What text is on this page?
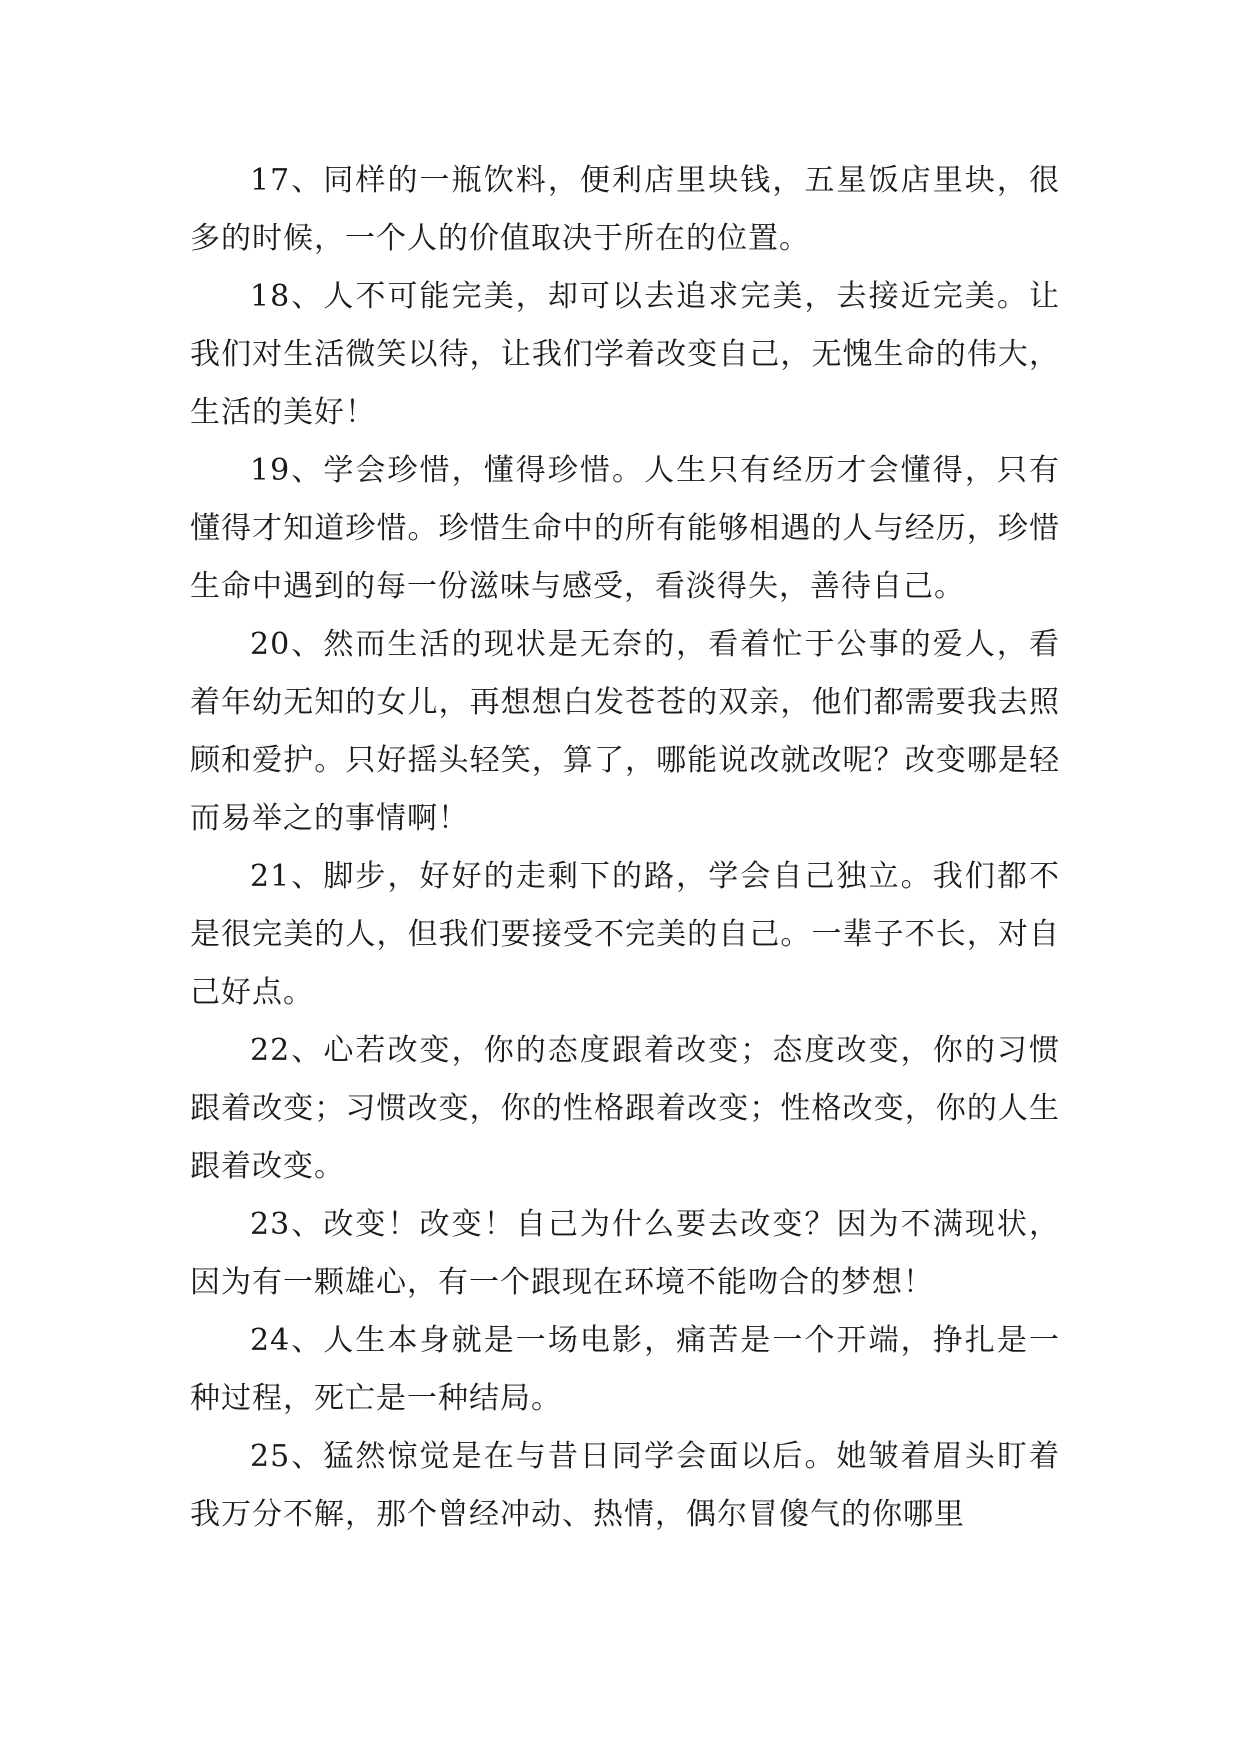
17、同样的一瓶饮料，便利店里块钱，五星饭店里块，很多的时候，一个人的价值取决于所在的位置。

18、人不可能完美，却可以去追求完美，去接近完美。让我们对生活微笑以待，让我们学着改变自己，无愧生命的伟大，生活的美好！

19、学会珍惜，懂得珍惜。人生只有经历才会懂得，只有懂得才知道珍惜。珍惜生命中的所有能够相遇的人与经历，珍惜生命中遇到的每一份滋味与感受，看淡得失，善待自己。

20、然而生活的现状是无奈的，看着忙于公事的爱人，看着年幼无知的女儿，再想想白发苍苍的双亲，他们都需要我去照顾和爱护。只好摇头轻笑，算了，哪能说改就改呢？改变哪是轻而易举之的事情啊！

21、脚步，好好的走剩下的路，学会自己独立。我们都不是很完美的人，但我们要接受不完美的自己。一辈子不长，对自己好点。

22、心若改变，你的态度跟着改变；态度改变，你的习惯跟着改变；习惯改变，你的性格跟着改变；性格改变，你的人生跟着改变。

23、改变！改变！自己为什么要去改变？因为不满现状，因为有一颗雄心，有一个跟现在环境不能吻合的梦想！

24、人生本身就是一场电影，痛苦是一个开端，挣扎是一种过程，死亡是一种结局。

25、猛然惊觉是在与昔日同学会面以后。她皱着眉头盯着我万分不解，那个曾经冲动、热情，偶尔冒傻气的你哪里
